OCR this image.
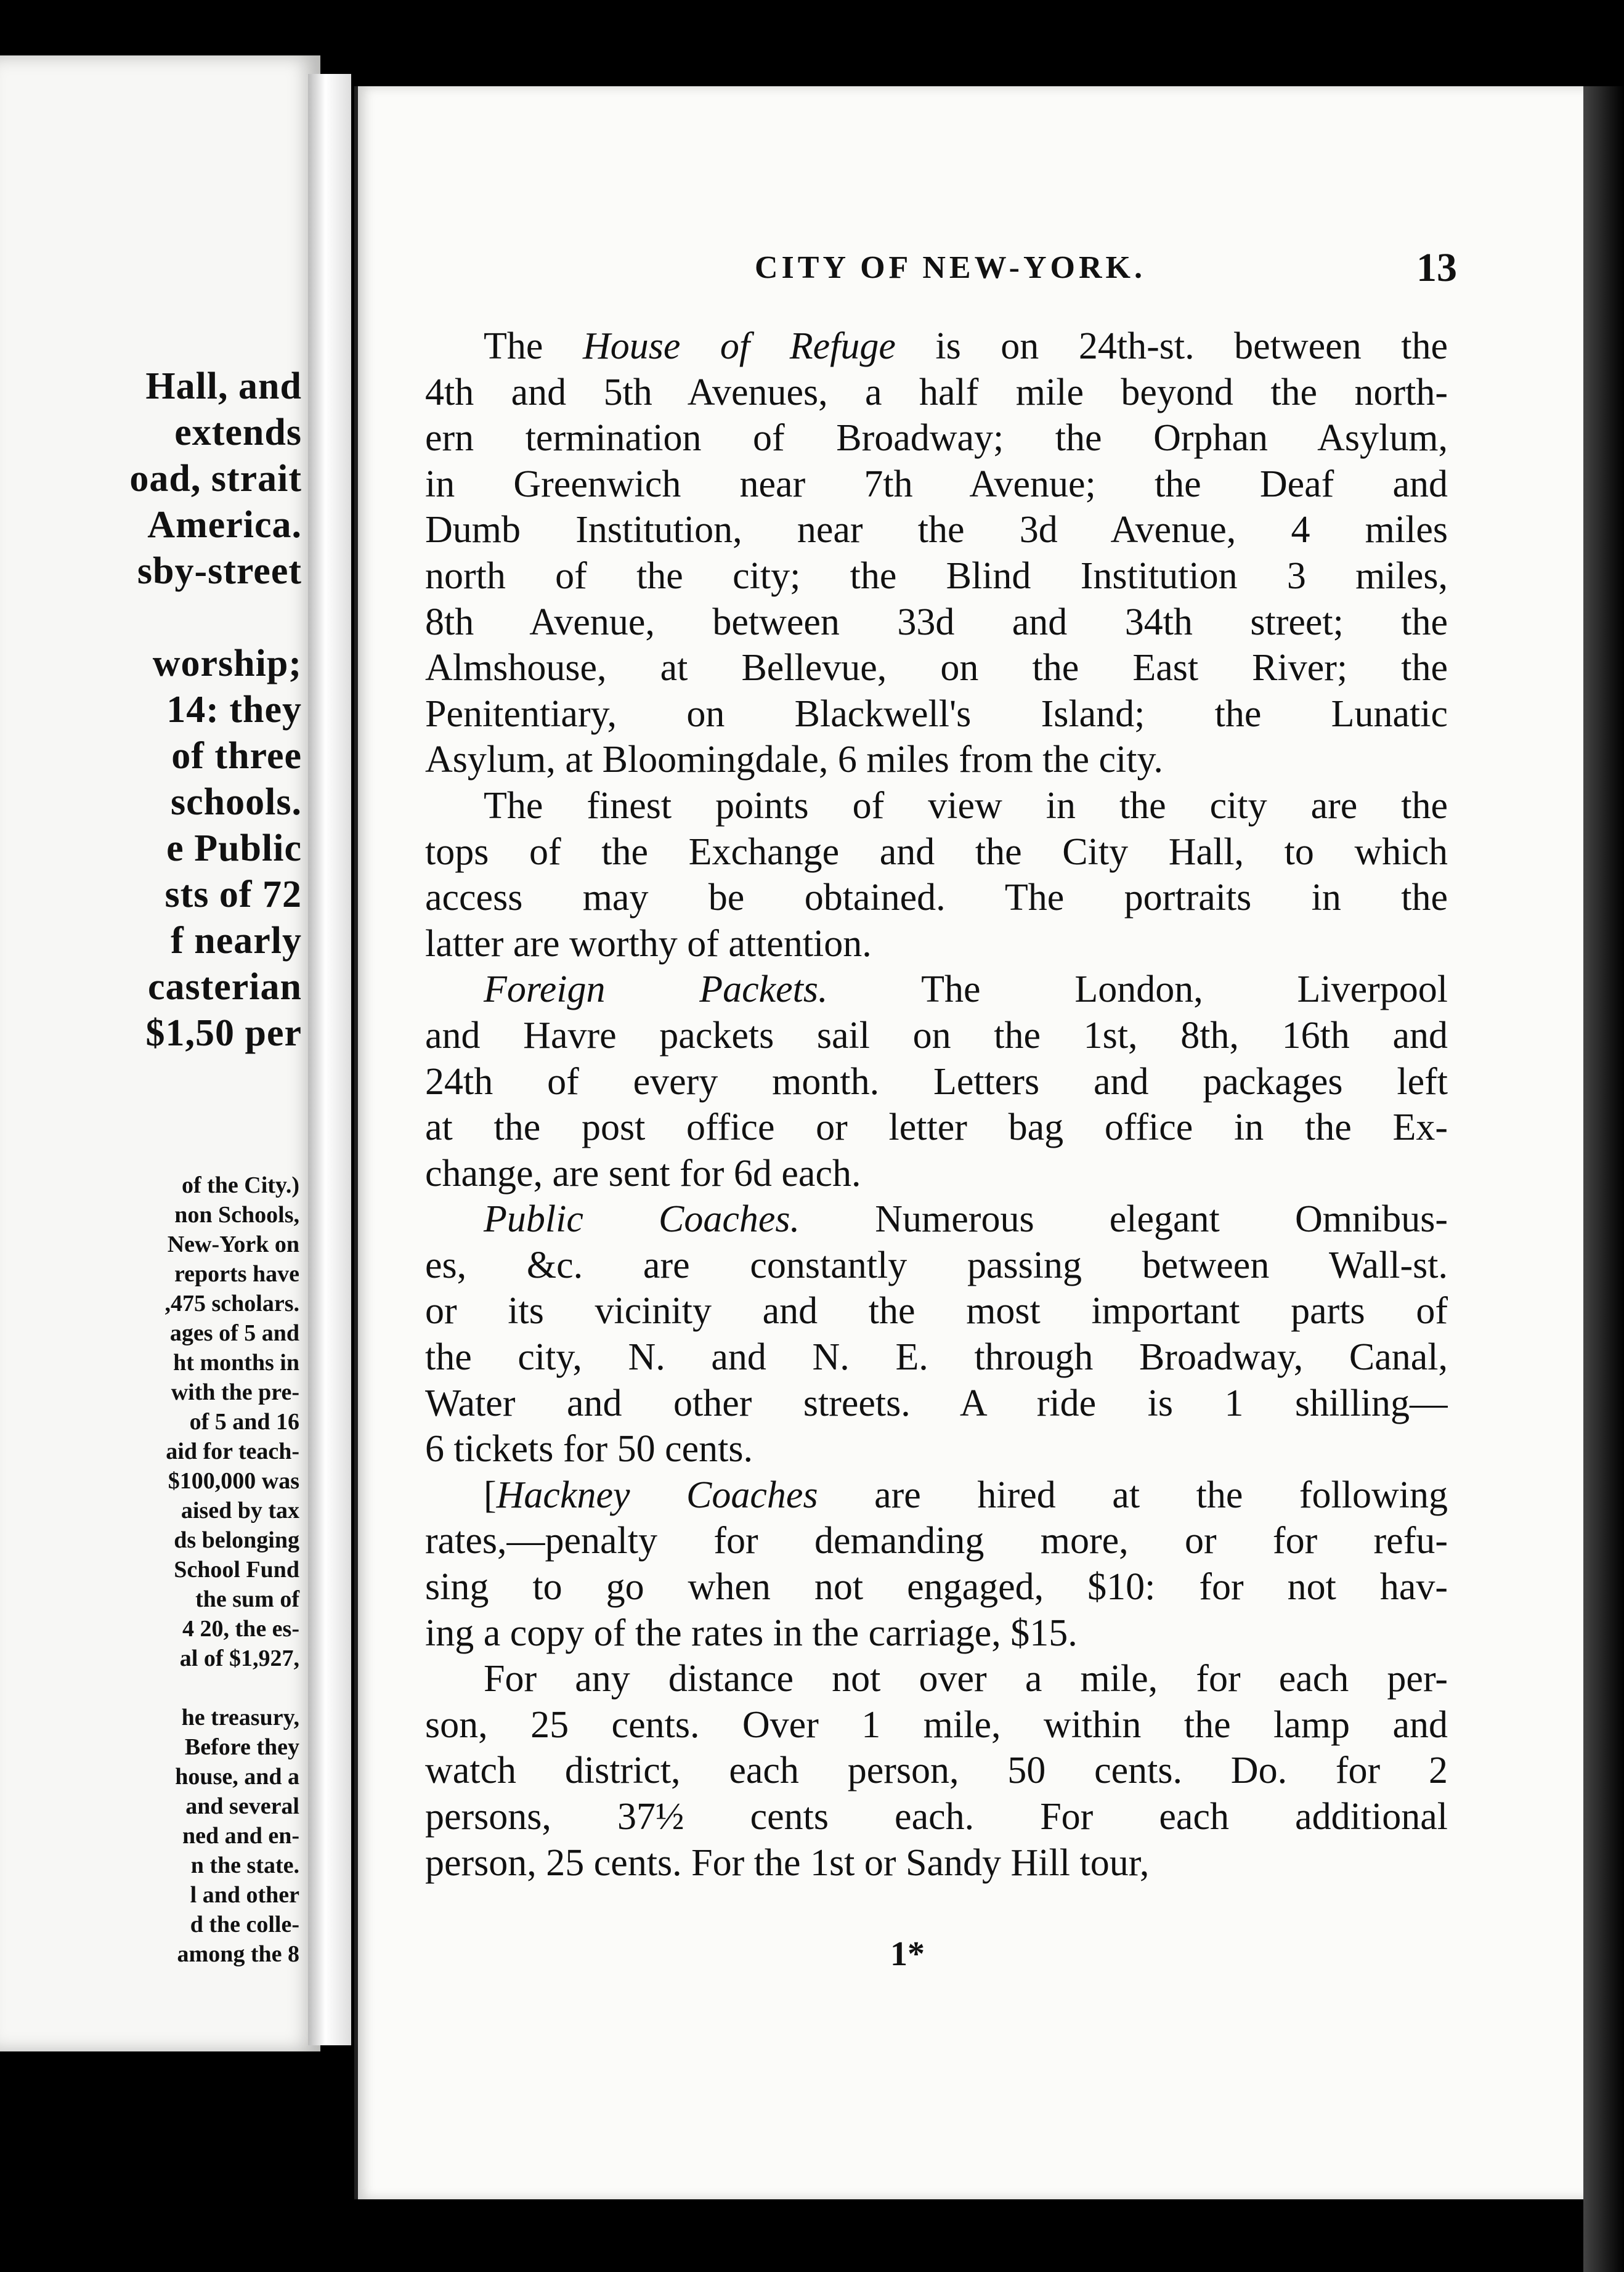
Hall, and
extends
oad, strait
America.
sby-street

worship;
14: they
of three
schools.
e Public
sts of 72
f nearly
casterian
$1,50 per
of the City.)
non Schools,
New-York on
reports have
,475 scholars.
ages of 5 and
ht months in
with the pre-
of 5 and 16
aid for teach-
$100,000 was
aised by tax
ds belonging
School Fund
the sum of
4 20, the es-
al of $1,927,

he treasury,
Before they
house, and a
and several
ned and en-
n the state.
l and other
d the colle-
among the 8
CITY OF NEW-YORK.	13
The House of Refuge is on 24th-st. between the
4th and 5th Avenues, a half mile beyond the north-
ern termination of Broadway; the Orphan Asylum,
in Greenwich near 7th Avenue; the Deaf and
Dumb Institution, near the 3d Avenue, 4 miles
north of the city; the Blind Institution 3 miles,
8th Avenue, between 33d and 34th street; the
Almshouse, at Bellevue, on the East River; the
Penitentiary, on Blackwell's Island; the Lunatic
Asylum, at Bloomingdale, 6 miles from the city.
The finest points of view in the city are the
tops of the Exchange and the City Hall, to which
access may be obtained. The portraits in the
latter are worthy of attention.
Foreign Packets. The London, Liverpool
and Havre packets sail on the 1st, 8th, 16th and
24th of every month. Letters and packages left
at the post office or letter bag office in the Ex-
change, are sent for 6d each.
Public Coaches. Numerous elegant Omnibus-
es, &c. are constantly passing between Wall-st.
or its vicinity and the most important parts of
the city, N. and N. E. through Broadway, Canal,
Water and other streets. A ride is 1 shilling—
6 tickets for 50 cents.
[Hackney Coaches are hired at the following
rates,—penalty for demanding more, or for refu-
sing to go when not engaged, $10: for not hav-
ing a copy of the rates in the carriage, $15.
For any distance not over a mile, for each per-
son, 25 cents. Over 1 mile, within the lamp and
watch district, each person, 50 cents. Do. for 2
persons, 37½ cents each. For each additional
person, 25 cents. For the 1st or Sandy Hill tour,
1*
